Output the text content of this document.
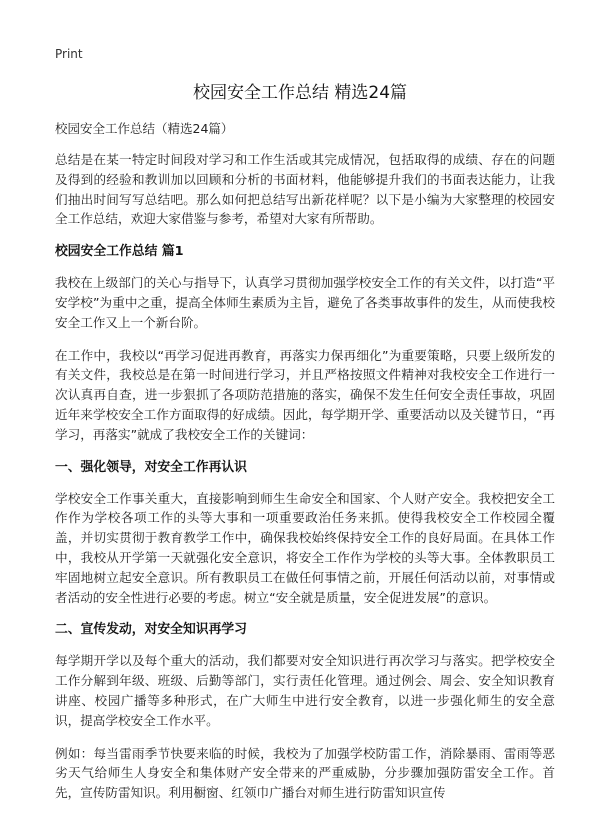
Print
校园安全工作总结 精选24篇

校园安全工作总结（精选24篇）

总结是在某一特定时间段对学习和工作生活或其完成情况，包括取得的成绩、存在的问题及得到的经验和教训加以回顾和分析的书面材料，他能够提升我们的书面表达能力，让我们抽出时间写写总结吧。那么如何把总结写出新花样呢？以下是小编为大家整理的校园安全工作总结，欢迎大家借鉴与参考，希望对大家有所帮助。

校园安全工作总结 篇1

我校在上级部门的关心与指导下，认真学习贯彻加强学校安全工作的有关文件，以打造“平安学校”为重中之重，提高全体师生素质为主旨，避免了各类事故事件的发生，从而使我校安全工作又上一个新台阶。

在工作中，我校以“再学习促进再教育，再落实力保再细化”为重要策略，只要上级所发的有关文件，我校总是在第一时间进行学习，并且严格按照文件精神对我校安全工作进行一次认真再自查，进一步狠抓了各项防范措施的落实，确保不发生任何安全责任事故，巩固近年来学校安全工作方面取得的好成绩。因此，每学期开学、重要活动以及关键节日，“再学习，再落实”就成了我校安全工作的关键词：

一、强化领导，对安全工作再认识

学校安全工作事关重大，直接影响到师生生命安全和国家、个人财产安全。我校把安全工作作为学校各项工作的头等大事和一项重要政治任务来抓。使得我校安全工作校园全覆盖，并切实贯彻于教育教学工作中，确保我校始终保持安全工作的良好局面。在具体工作中，我校从开学第一天就强化安全意识，将安全工作作为学校的头等大事。全体教职员工牢固地树立起安全意识。所有教职员工在做任何事情之前，开展任何活动以前，对事情或者活动的安全性进行必要的考虑。树立“安全就是质量，安全促进发展”的意识。

二、宣传发动，对安全知识再学习

每学期开学以及每个重大的活动，我们都要对安全知识进行再次学习与落实。把学校安全工作分解到年级、班级、后勤等部门，实行责任化管理。通过例会、周会、安全知识教育讲座、校园广播等多种形式，在广大师生中进行安全教育，以进一步强化师生的安全意识，提高学校安全工作水平。

例如：每当雷雨季节快要来临的时候，我校为了加强学校防雷工作，消除暴雨、雷雨等恶劣天气给师生人身安全和集体财产安全带来的严重威胁，分步骤加强防雷安全工作。首先，宣传防雷知识。利用橱窗、红领巾广播台对师生进行防雷知识宣传
